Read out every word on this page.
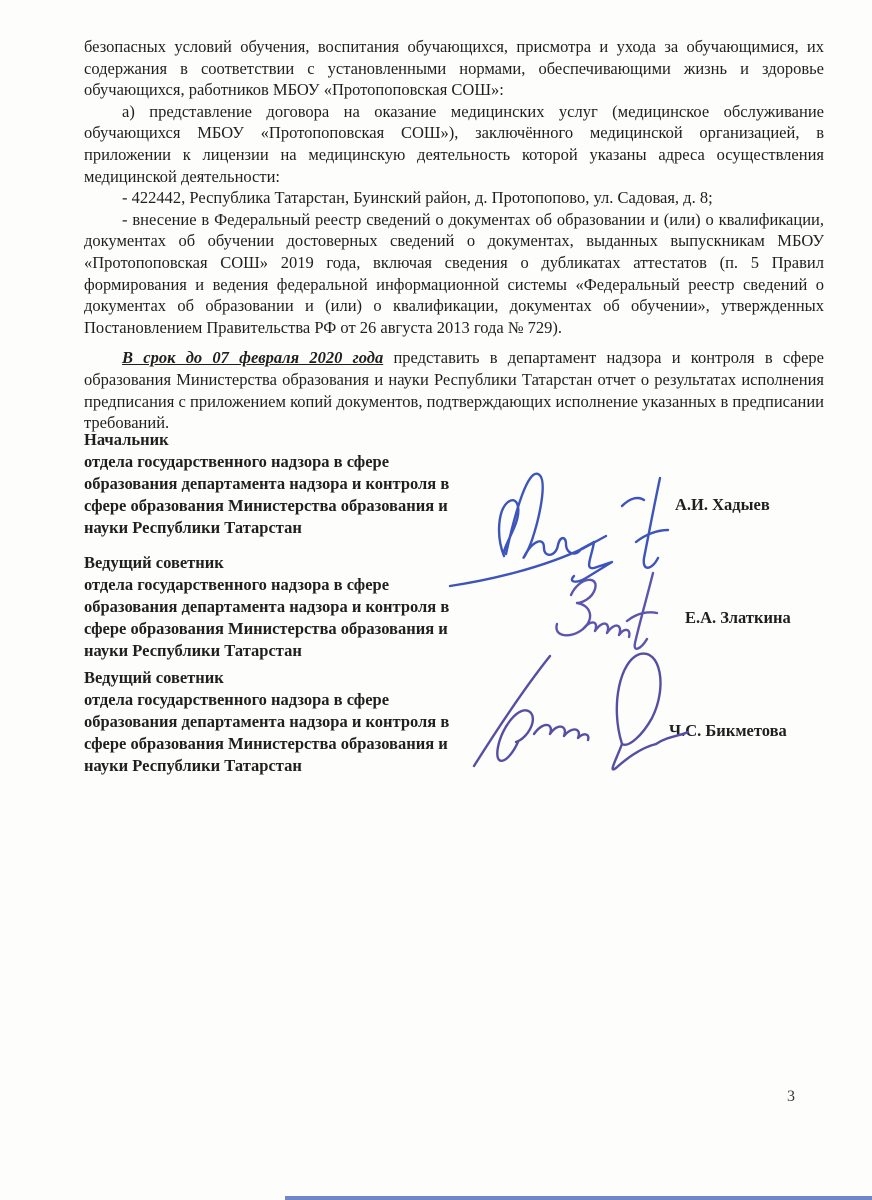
безопасных условий обучения, воспитания обучающихся, присмотра и ухода за обучающимися, их содержания в соответствии с установленными нормами, обеспечивающими жизнь и здоровье обучающихся, работников МБОУ «Протопоповская СОШ»:

а) представление договора на оказание медицинских услуг (медицинское обслуживание обучающихся МБОУ «Протопоповская СОШ»), заключённого медицинской организацией, в приложении к лицензии на медицинскую деятельность которой указаны адреса осуществления медицинской деятельности:

- 422442, Республика Татарстан, Буинский район, д. Протопопово, ул. Садовая, д. 8;

- внесение в Федеральный реестр сведений о документах об образовании и (или) о квалификации, документах об обучении достоверных сведений о документах, выданных выпускникам МБОУ «Протопоповская СОШ» 2019 года, включая сведения о дубликатах аттестатов (п. 5 Правил формирования и ведения федеральной информационной системы «Федеральный реестр сведений о документах об образовании и (или) о квалификации, документах об обучении», утвержденных Постановлением Правительства РФ от 26 августа 2013 года № 729).

В срок до 07 февраля 2020 года представить в департамент надзора и контроля в сфере образования Министерства образования и науки Республики Татарстан отчет о результатах исполнения предписания с приложением копий документов, подтверждающих исполнение указанных в предписании требований.

Начальник
отдела государственного надзора в сфере
образования департамента надзора и контроля в
сфере образования Министерства образования и
науки Республики Татарстан
А.И. Хадыев
Ведущий советник
отдела государственного надзора в сфере
образования департамента надзора и контроля в
сфере образования Министерства образования и
науки Республики Татарстан
Е.А. Златкина
Ведущий советник
отдела государственного надзора в сфере
образования департамента надзора и контроля в
сфере образования Министерства образования и
науки Республики Татарстан
Ч.С. Бикметова
3
